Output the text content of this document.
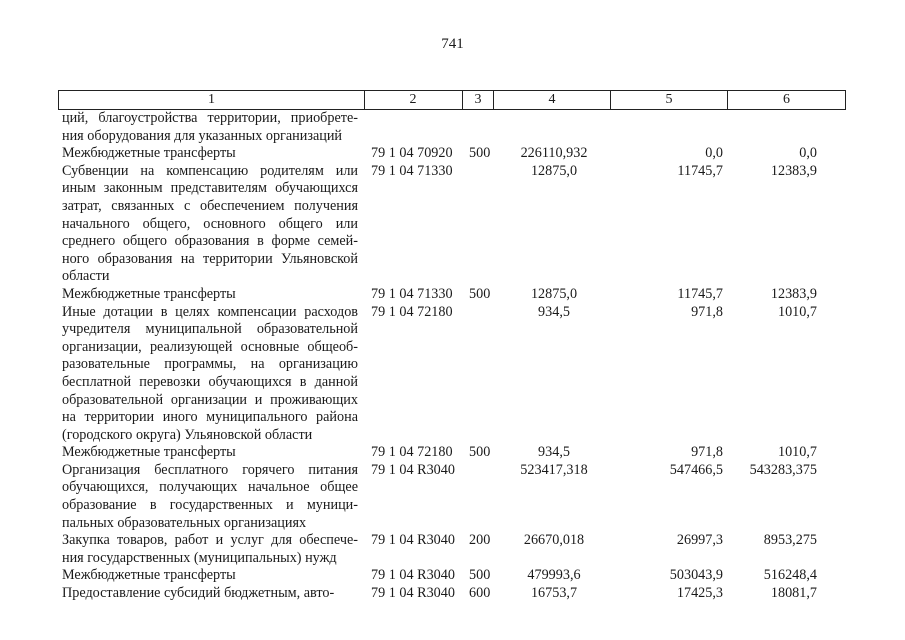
741
1	2	3	4	5	6
ций, благоустройства территории, приобрете-
ния оборудования для указанных организаций
Межбюджетные трансферты	79 1 04 70920 500	226110,932	0,0	0,0
Субвенции на компенсацию родителям или
иным законным представителям обучающихся
затрат, связанных с обеспечением получения
начального общего, основного общего или
среднего общего образования в форме семей-
ного образования на территории Ульяновской
области
79 1 04 71330	12875,0	11745,7	12383,9
Межбюджетные трансферты	79 1 04 71330 500	12875,0	11745,7	12383,9
Иные дотации в целях компенсации расходов
учредителя муниципальной образовательной
организации, реализующей основные общеоб-
разовательные программы, на организацию
бесплатной перевозки обучающихся в данной
образовательной организации и проживающих
на территории иного муниципального района
(городского округа) Ульяновской области
79 1 04 72180	934,5	971,8	1010,7
Межбюджетные трансферты	79 1 04 72180 500	934,5	971,8	1010,7
Организация бесплатного горячего питания
обучающихся, получающих начальное общее
образование в государственных и муници-
пальных образовательных организациях
79 1 04 R3040	523417,318	547466,5	543283,375
Закупка товаров, работ и услуг для обеспече-
ния государственных (муниципальных) нужд
79 1 04 R3040 200	26670,018	26997,3	8953,275
Межбюджетные трансферты	79 1 04 R3040 500	479993,6	503043,9	516248,4
Предоставление субсидий бюджетным, авто-	79 1 04 R3040 600	16753,7	17425,3	18081,7
